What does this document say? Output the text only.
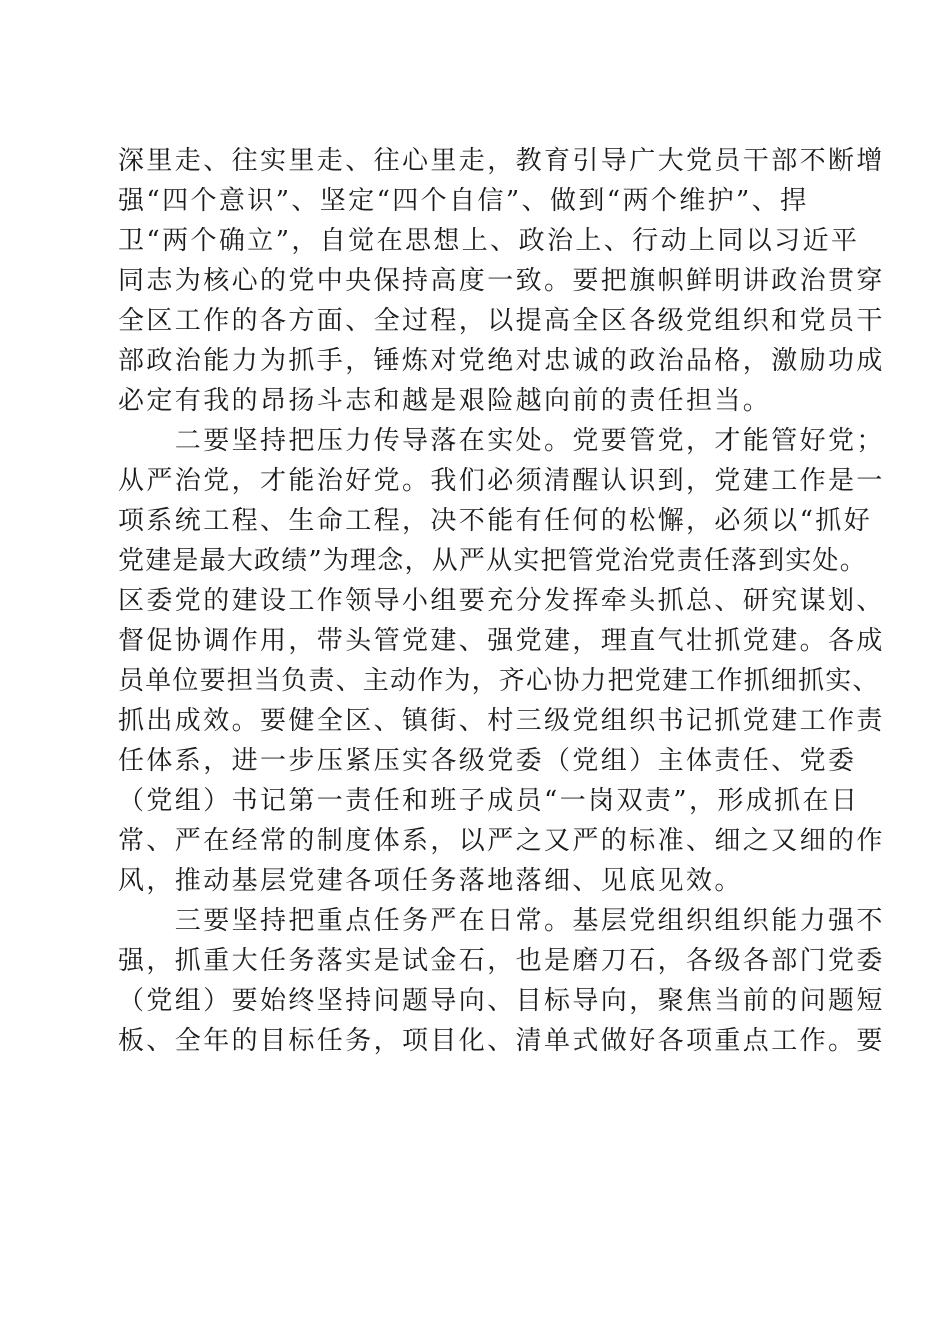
深里走、往实里走、往心里走，教育引导广大党员干部不断增
强“四个意识”、坚定“四个自信”、做到“两个维护”、捍
卫“两个确立”，自觉在思想上、政治上、行动上同以习近平
同志为核心的党中央保持高度一致。要把旗帜鲜明讲政治贯穿
全区工作的各方面、全过程，以提高全区各级党组织和党员干
部政治能力为抓手，锤炼对党绝对忠诚的政治品格，激励功成
必定有我的昂扬斗志和越是艰险越向前的责任担当。
　　二要坚持把压力传导落在实处。党要管党，才能管好党；
从严治党，才能治好党。我们必须清醒认识到，党建工作是一
项系统工程、生命工程，决不能有任何的松懈，必须以“抓好
党建是最大政绩”为理念，从严从实把管党治党责任落到实处。
区委党的建设工作领导小组要充分发挥牵头抓总、研究谋划、
督促协调作用，带头管党建、强党建，理直气壮抓党建。各成
员单位要担当负责、主动作为，齐心协力把党建工作抓细抓实、
抓出成效。要健全区、镇街、村三级党组织书记抓党建工作责
任体系，进一步压紧压实各级党委（党组）主体责任、党委
（党组）书记第一责任和班子成员“一岗双责”，形成抓在日
常、严在经常的制度体系，以严之又严的标准、细之又细的作
风，推动基层党建各项任务落地落细、见底见效。
　　三要坚持把重点任务严在日常。基层党组织组织能力强不
强，抓重大任务落实是试金石，也是磨刀石，各级各部门党委
（党组）要始终坚持问题导向、目标导向，聚焦当前的问题短
板、全年的目标任务，项目化、清单式做好各项重点工作。要
